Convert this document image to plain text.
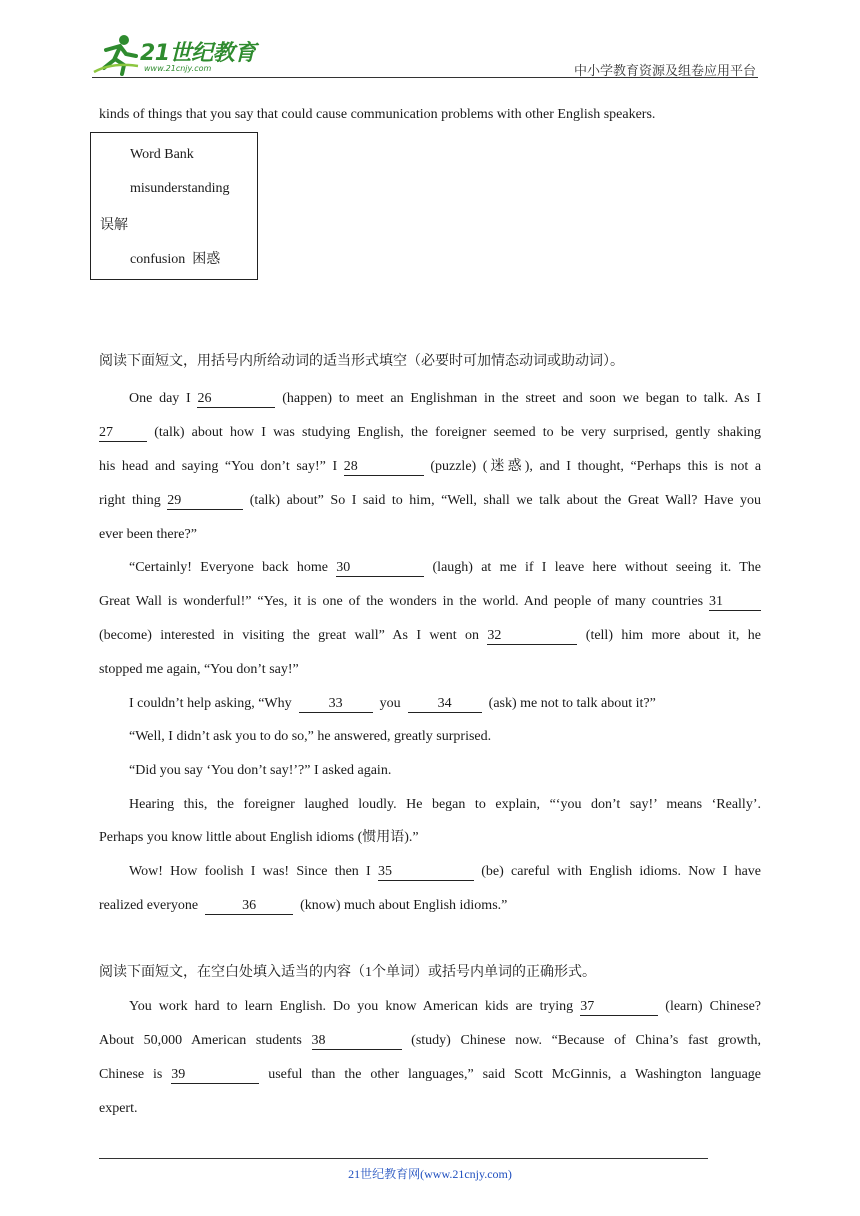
21世纪教育
www.21cnjy.com	中小学教育资源及组卷应用平台

kinds of things that you say that could cause communication problems with other English speakers.

Word Bank
misunderstanding
误解
confusion 困惑

阅读下面短文，用括号内所给动词的适当形式填空（必要时可加情态动词或助动词）。

One day I 26	(happen) to meet an Englishman in the street and soon we began to talk. As I

27	(talk) about how I was studying English, the foreigner seemed to be very surprised, gently shaking

his head and saying “You don’t say!” I 28	(puzzle) (迷惑), and I thought, “Perhaps this is not a

right thing 29	(talk) about” So I said to him, “Well, shall we talk about the Great Wall? Have you

ever been there?”

“Certainly! Everyone back home 30	(laugh) at me if I leave here without seeing it. The

Great Wall is wonderful!” “Yes, it is one of the wonders in the world. And people of many countries 31

(become) interested in visiting the great wall” As I went on 32	(tell) him more about it, he

stopped me again, “You don’t say!”

I couldn’t help asking, “Why	33	you	34	(ask) me not to talk about it?”

“Well, I didn’t ask you to do so,” he answered, greatly surprised.

“Did you say ‘You don’t say!’?” I asked again.

Hearing this, the foreigner laughed loudly. He began to explain, “‘you don’t say!’ means ‘Really’.

Perhaps you know little about English idioms (惯用语).”

Wow! How foolish I was! Since then I 35	(be) careful with English idioms. Now I have

realized everyone	36	(know) much about English idioms.”

阅读下面短文，在空白处填入适当的内容（1个单词）或括号内单词的正确形式。

You work hard to learn English. Do you know American kids are trying 37	(learn) Chinese?

About 50,000 American students 38	(study) Chinese now. “Because of China’s fast growth,

Chinese is 39	useful than the other languages,” said Scott McGinnis, a Washington language

expert.

21世纪教育网(www.21cnjy.com)
